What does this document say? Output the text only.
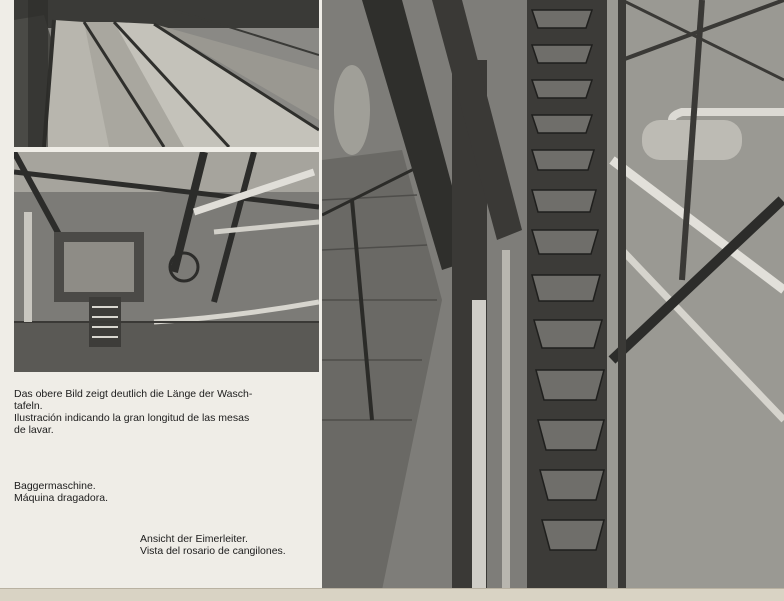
Das obere Bild zeigt deutlich die Länge der Wasch-
tafeln.
Ilustración indicando la gran longitud de las mesas
de lavar.

Baggermaschine.
Máquina dragadora.

Ansicht der Eimerleiter.
Vista del rosario de cangilones.
